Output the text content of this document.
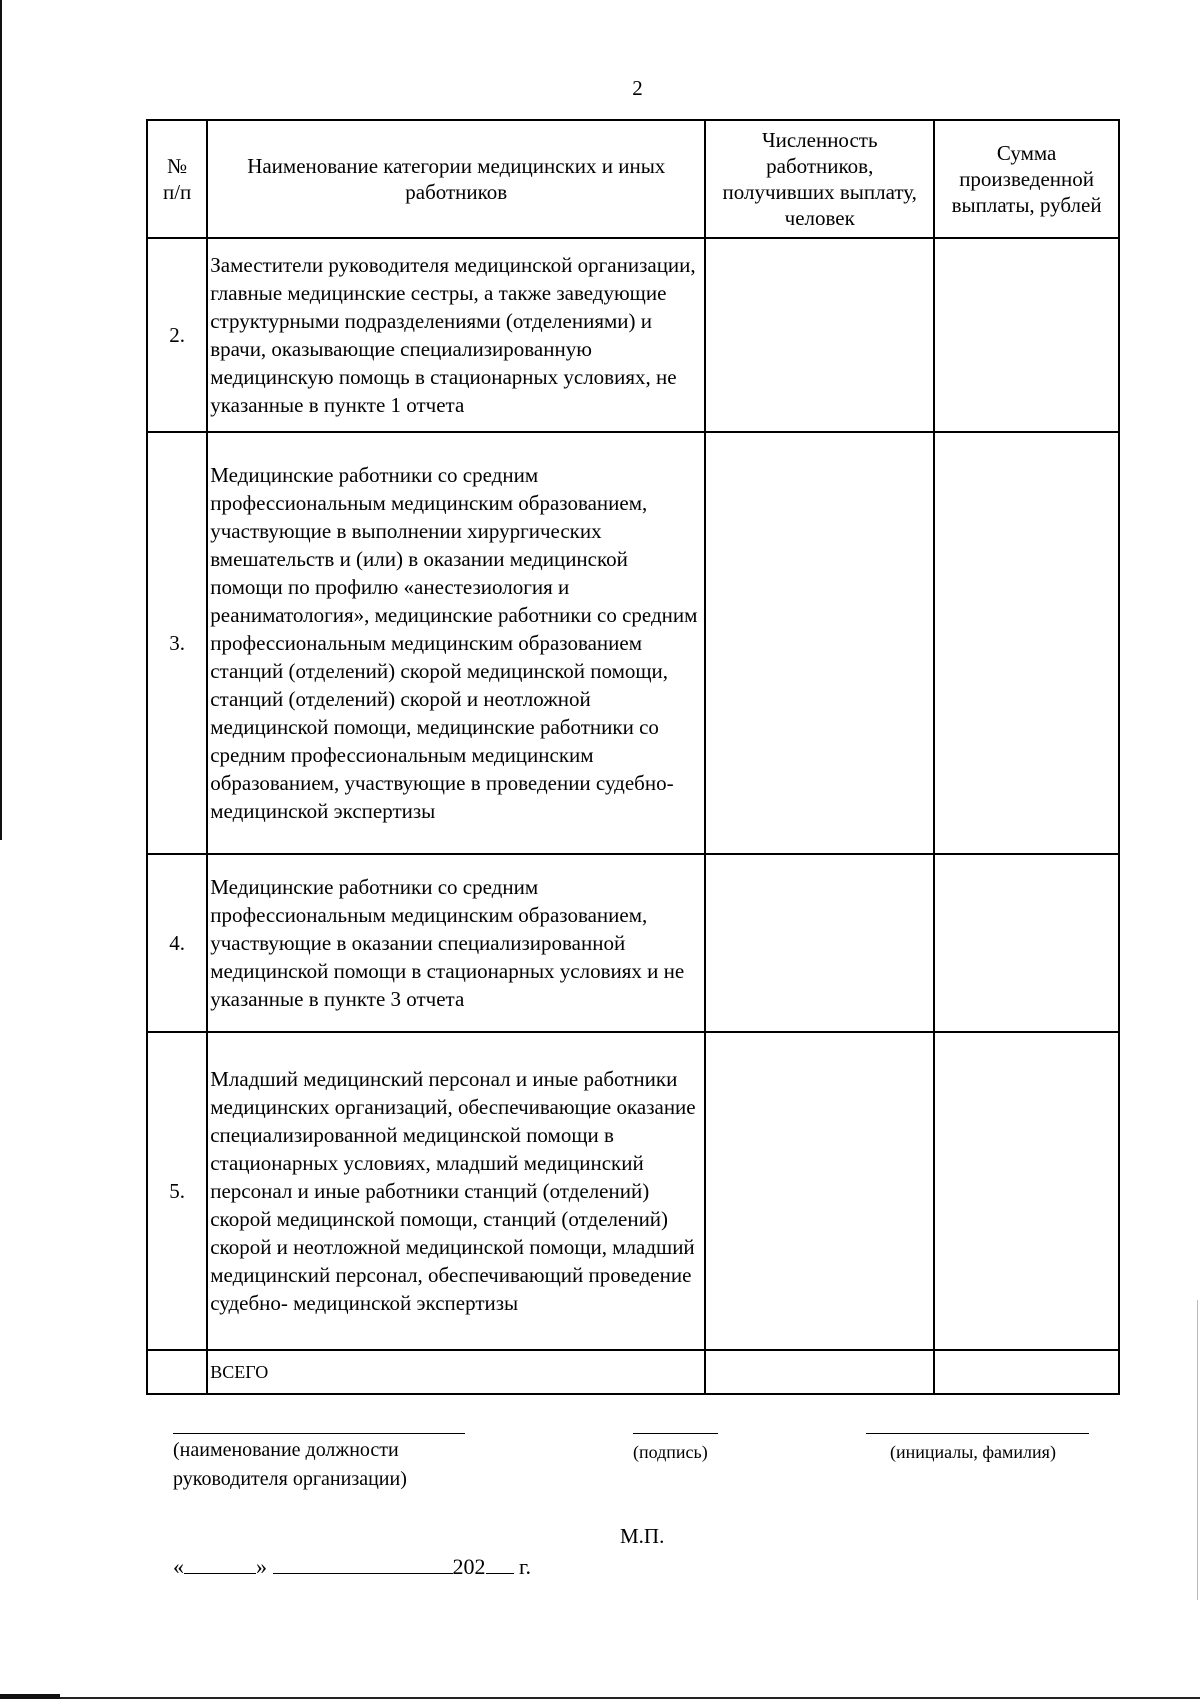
2
№ п/п	Наименование категории медицинских и иных работников	Численность работников, получивших выплату, человек	Сумма произведенной выплаты, рублей
2.	Заместители руководителя медицинской организации, главные медицинские сестры, а также заведующие структурными подразделениями (отделениями) и врачи, оказывающие специализированную медицинскую помощь в стационарных условиях, не указанные в пункте 1 отчета		
3.	Медицинские работники со средним профессиональным медицинским образованием, участвующие в выполнении хирургических вмешательств и (или) в оказании медицинской помощи по профилю «анестезиология и реаниматология», медицинские работники со средним профессиональным медицинским образованием станций (отделений) скорой медицинской помощи, станций (отделений) скорой и неотложной медицинской помощи, медицинские работники со средним профессиональным медицинским образованием, участвующие в проведении судебно-медицинской экспертизы		
4.	Медицинские работники со средним профессиональным медицинским образованием, участвующие в оказании специализированной медицинской помощи в стационарных условиях и не указанные в пункте 3 отчета		
5.	Младший медицинский персонал и иные работники медицинских организаций, обеспечивающие оказание специализированной медицинской помощи в стационарных условиях, младший медицинский персонал и иные работники станций (отделений) скорой медицинской помощи, станций (отделений) скорой и неотложной медицинской помощи, младший медицинский персонал, обеспечивающий проведение судебно- медицинской экспертизы		
	ВСЕГО		
(наименование должности руководителя организации)
(подпись)	(инициалы, фамилия)
М.П.
«	»	202 г.
